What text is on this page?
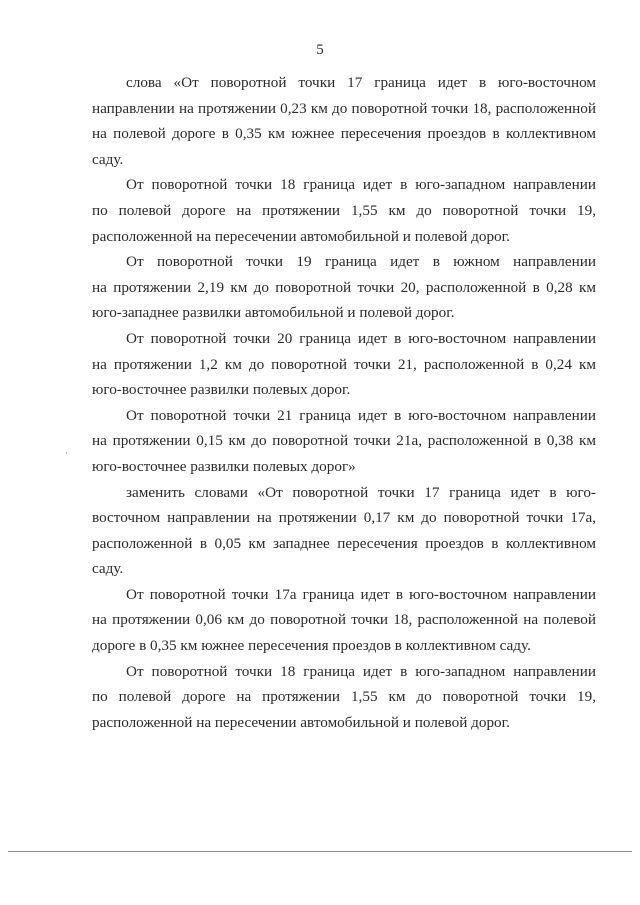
5

слова «От поворотной точки 17 граница идет в юго-восточном
направлении на протяжении 0,23 км до поворотной точки 18, расположенной
на полевой дороге в 0,35 км южнее пересечения проездов в коллективном
саду.

От поворотной точки 18 граница идет в юго-западном направлении
по полевой дороге на протяжении 1,55 км до поворотной точки 19,
расположенной на пересечении автомобильной и полевой дорог.

От поворотной точки 19 граница идет в южном направлении
на протяжении 2,19 км до поворотной точки 20, расположенной в 0,28 км
юго-западнее развилки автомобильной и полевой дорог.

От поворотной точки 20 граница идет в юго-восточном направлении
на протяжении 1,2 км до поворотной точки 21, расположенной в 0,24 км
юго-восточнее развилки полевых дорог.

От поворотной точки 21 граница идет в юго-восточном направлении
на протяжении 0,15 км до поворотной точки 21а, расположенной в 0,38 км
юго-восточнее развилки полевых дорог»

заменить словами «От поворотной точки 17 граница идет в юго-
восточном направлении на протяжении 0,17 км до поворотной точки 17а,
расположенной в 0,05 км западнее пересечения проездов в коллективном
саду.

От поворотной точки 17а граница идет в юго-восточном направлении
на протяжении 0,06 км до поворотной точки 18, расположенной на полевой
дороге в 0,35 км южнее пересечения проездов в коллективном саду.

От поворотной точки 18 граница идет в юго-западном направлении
по полевой дороге на протяжении 1,55 км до поворотной точки 19,
расположенной на пересечении автомобильной и полевой дорог.
